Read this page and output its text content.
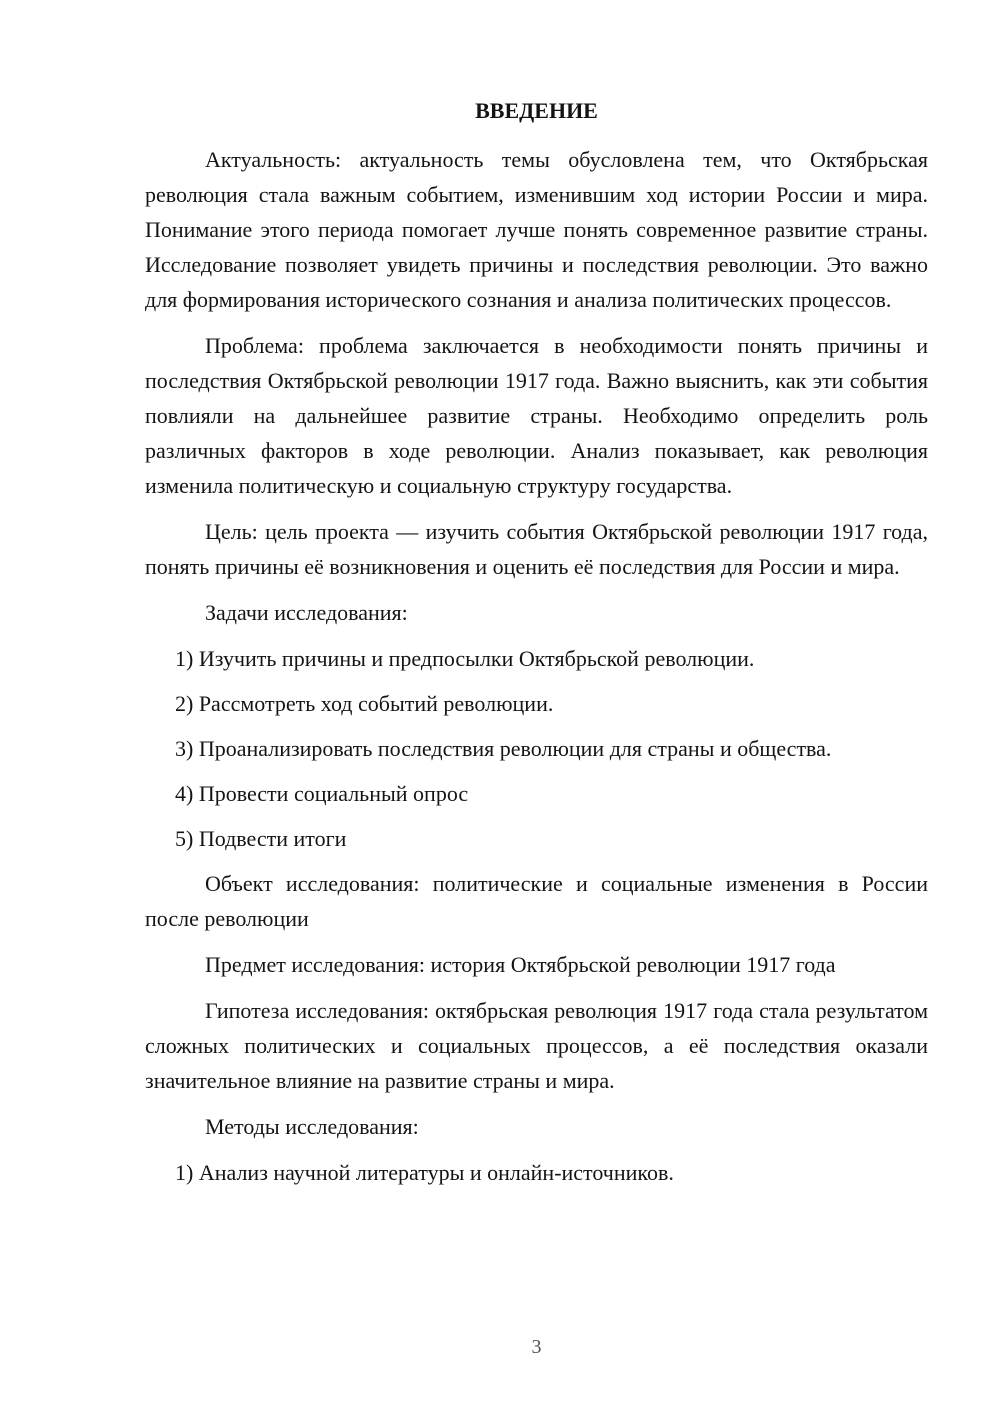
ВВЕДЕНИЕ

Актуальность: актуальность темы обусловлена тем, что Октябрьская революция стала важным событием, изменившим ход истории России и мира. Понимание этого периода помогает лучше понять современное развитие страны. Исследование позволяет увидеть причины и последствия революции. Это важно для формирования исторического сознания и анализа политических процессов.

Проблема: проблема заключается в необходимости понять причины и последствия Октябрьской революции 1917 года. Важно выяснить, как эти события повлияли на дальнейшее развитие страны. Необходимо определить роль различных факторов в ходе революции. Анализ показывает, как революция изменила политическую и социальную структуру государства.

Цель: цель проекта — изучить события Октябрьской революции 1917 года, понять причины её возникновения и оценить её последствия для России и мира.

Задачи исследования:

1) Изучить причины и предпосылки Октябрьской революции.

2) Рассмотреть ход событий революции.

3) Проанализировать последствия революции для страны и общества.

4) Провести социальный опрос

5) Подвести итоги

Объект исследования: политические и социальные изменения в России после революции

Предмет исследования: история Октябрьской революции 1917 года

Гипотеза исследования: октябрьская революция 1917 года стала результатом сложных политических и социальных процессов, а её последствия оказали значительное влияние на развитие страны и мира.

Методы исследования:

1) Анализ научной литературы и онлайн-источников.

3
